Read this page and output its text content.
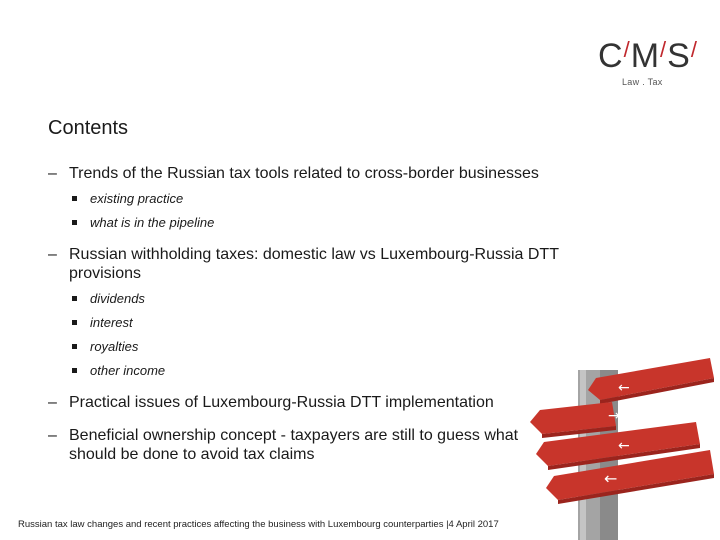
C/M/S/
Law . Tax
Contents
– Trends of the Russian tax tools related to cross-border businesses
existing practice
what is in the pipeline
– Russian withholding taxes: domestic law vs Luxembourg-Russia DTT provisions
dividends
interest
royalties
other income
– Practical issues of Luxembourg-Russia DTT implementation
– Beneficial ownership concept - taxpayers are still to guess what should be done to avoid tax claims
←
→
←
←
Russian tax law changes and recent practices affecting the business with Luxembourg counterparties |4 April 2017
